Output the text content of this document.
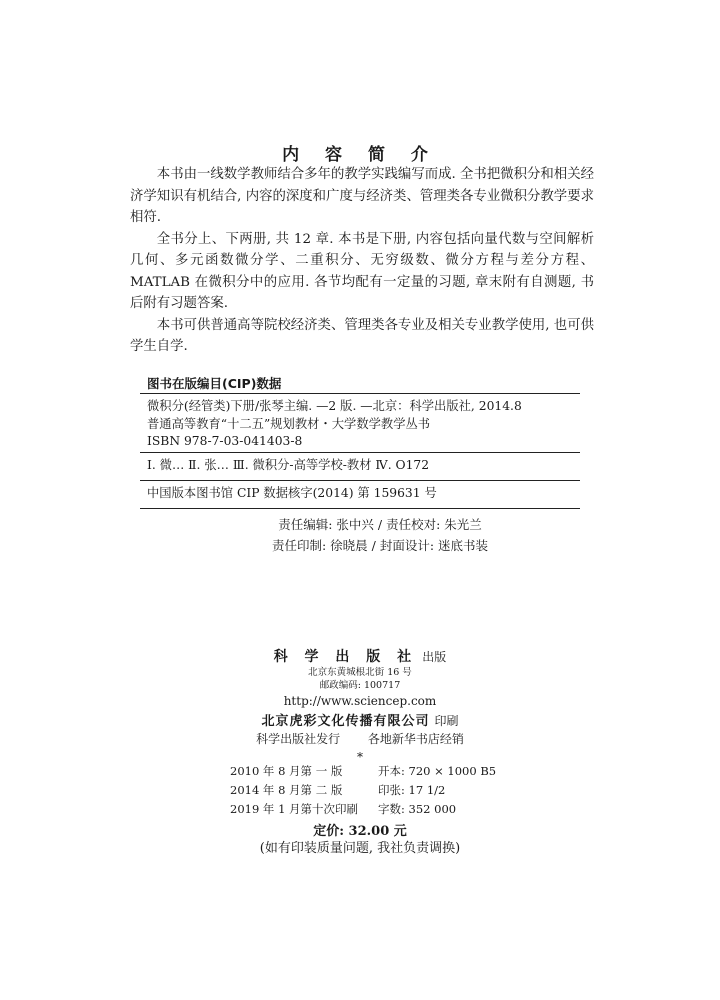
内 容 简 介

本书由一线数学教师结合多年的教学实践编写而成. 全书把微积分和相关经济学知识有机结合, 内容的深度和广度与经济类、管理类各专业微积分教学要求相符.

全书分上、下两册, 共 12 章. 本书是下册, 内容包括向量代数与空间解析几何、多元函数微分学、二重积分、无穷级数、微分方程与差分方程、MATLAB 在微积分中的应用. 各节均配有一定量的习题, 章末附有自测题, 书后附有习题答案.

本书可供普通高等院校经济类、管理类各专业及相关专业教学使用, 也可供学生自学.

图书在版编目(CIP)数据
微积分(经管类)下册/张琴主编. —2 版. —北京：科学出版社, 2014.8
普通高等教育“十二五”规划教材・大学数学教学丛书
ISBN 978-7-03-041403-8
I. 微… Ⅱ. 张… Ⅲ. 微积分-高等学校-教材 Ⅳ. O172
中国版本图书馆 CIP 数据核字(2014) 第 159631 号
责任编辑: 张中兴 / 责任校对: 朱光兰
责任印制: 徐晓晨 / 封面设计: 迷底书装
科 学 出 版 社 出版
北京东黄城根北街 16 号
邮政编码: 100717
http://www.sciencep.com
北京虎彩文化传播有限公司 印刷
科学出版社发行 各地新华书店经销
*
2010 年 8 月第 一 版	开本: 720 × 1000 B5
2014 年 8 月第 二 版	印张: 17 1/2
2019 年 1 月第十次印刷	字数: 352 000
定价: 32.00 元
(如有印装质量问题, 我社负责调换)
